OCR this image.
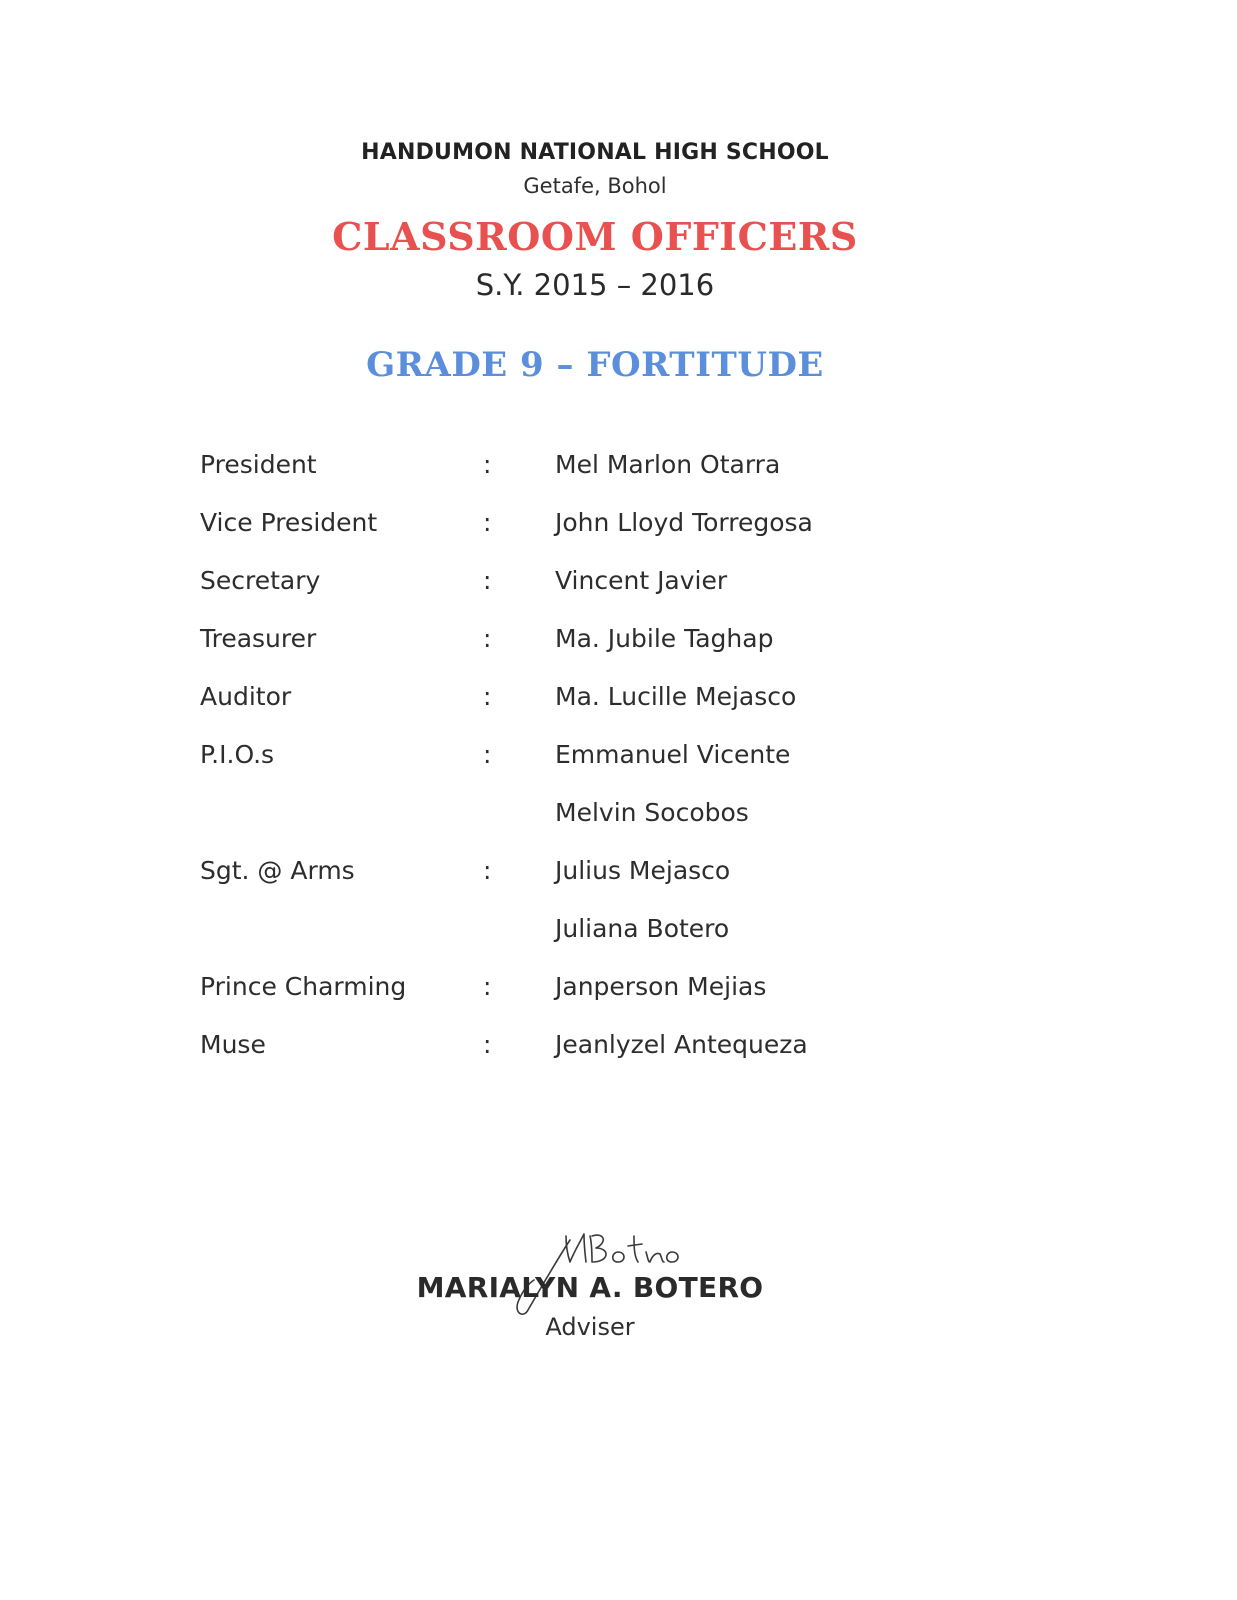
HANDUMON NATIONAL HIGH SCHOOL
Getafe, Bohol
CLASSROOM OFFICERS
S.Y. 2015 – 2016
GRADE 9 – FORTITUDE
President	:	Mel Marlon Otarra
Vice President	:	John Lloyd Torregosa
Secretary	:	Vincent Javier
Treasurer	:	Ma. Jubile Taghap
Auditor	:	Ma. Lucille Mejasco
P.I.O.s	:	Emmanuel Vicente
Melvin Socobos
Sgt. @ Arms	:	Julius Mejasco
Juliana Botero
Prince Charming	:	Janperson Mejias
Muse	:	Jeanlyzel Antequeza
MARIALYN A. BOTERO
Adviser
